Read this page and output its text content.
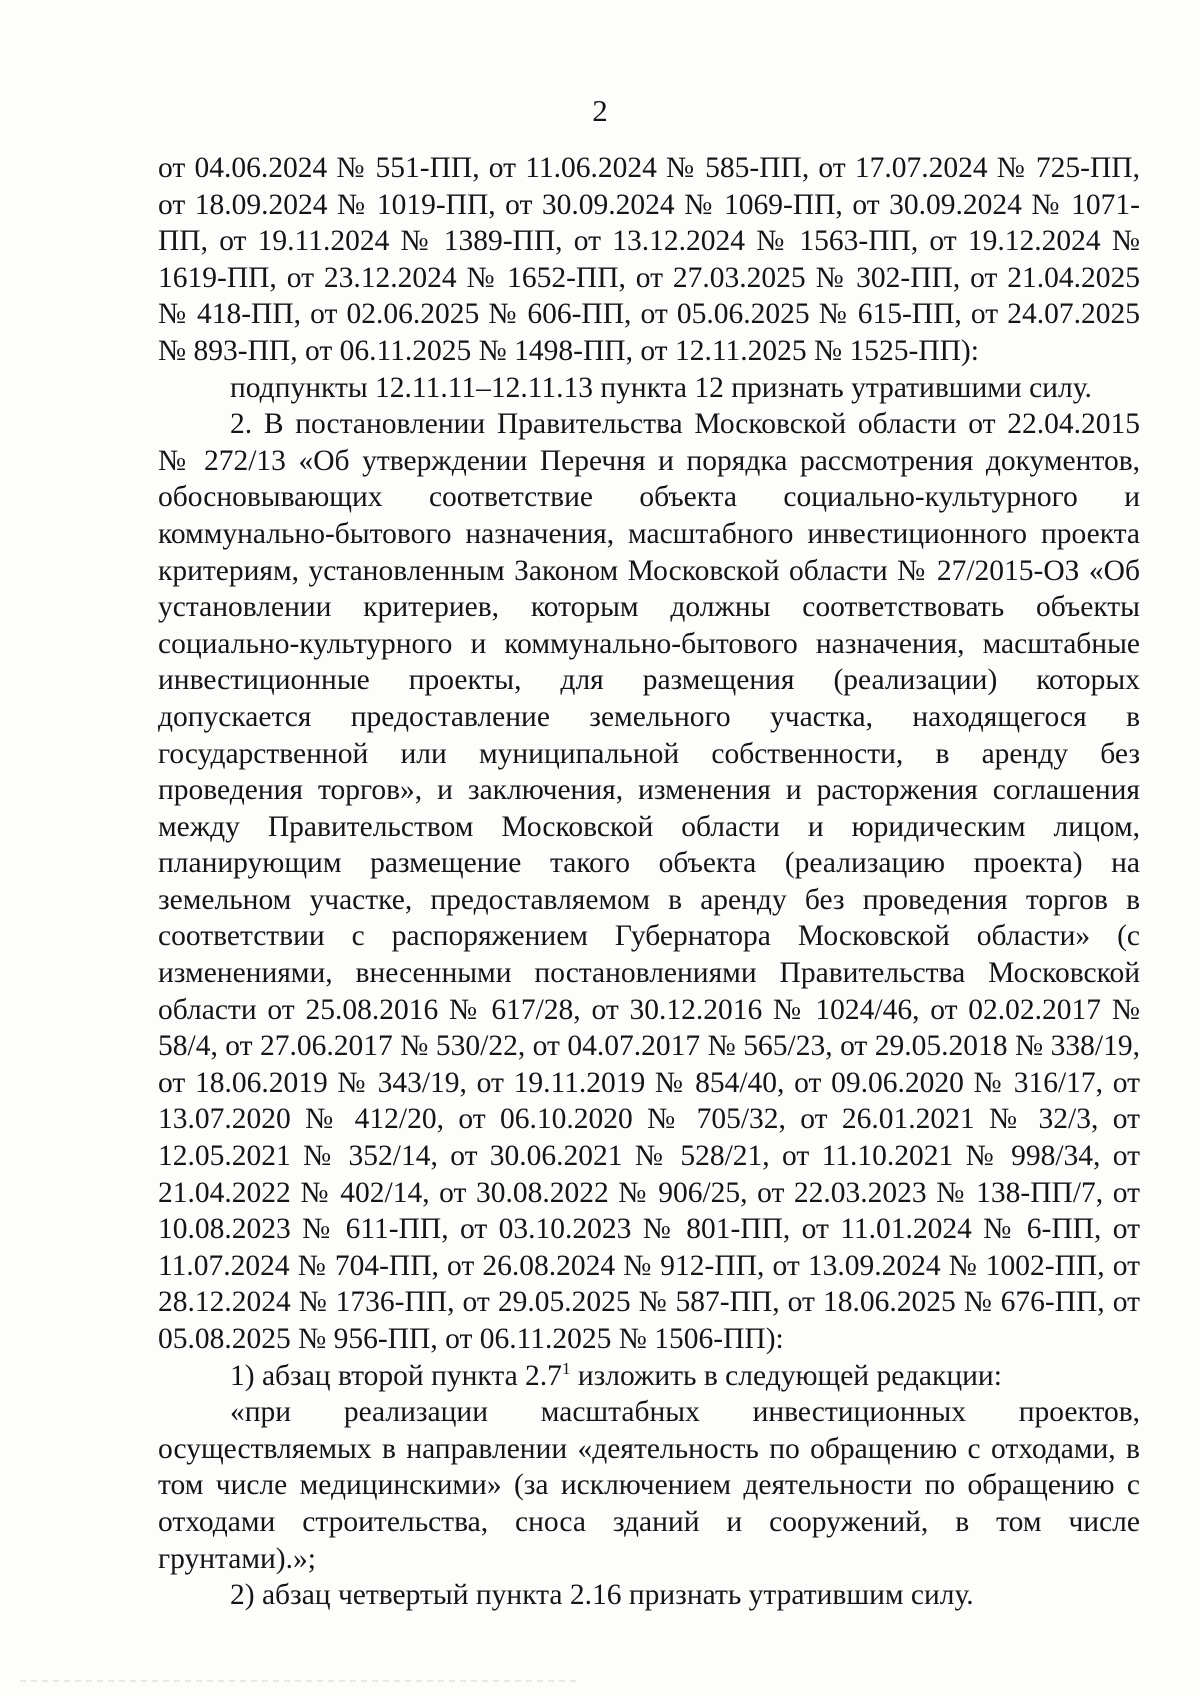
2

от 04.06.2024 № 551-ПП, от 11.06.2024 № 585-ПП, от 17.07.2024 № 725-ПП, от 18.09.2024 № 1019-ПП, от 30.09.2024 № 1069-ПП, от 30.09.2024 № 1071-ПП, от 19.11.2024 № 1389-ПП, от 13.12.2024 № 1563-ПП, от 19.12.2024 № 1619-ПП, от 23.12.2024 № 1652-ПП, от 27.03.2025 № 302-ПП, от 21.04.2025 № 418-ПП, от 02.06.2025 № 606-ПП, от 05.06.2025 № 615-ПП, от 24.07.2025 № 893-ПП, от 06.11.2025 № 1498-ПП, от 12.11.2025 № 1525-ПП):

подпункты 12.11.11–12.11.13 пункта 12 признать утратившими силу.

2. В постановлении Правительства Московской области от 22.04.2015 № 272/13 «Об утверждении Перечня и порядка рассмотрения документов, обосновывающих соответствие объекта социально-культурного и коммунально-бытового назначения, масштабного инвестиционного проекта критериям, установленным Законом Московской области № 27/2015-ОЗ «Об установлении критериев, которым должны соответствовать объекты социально-культурного и коммунально-бытового назначения, масштабные инвестиционные проекты, для размещения (реализации) которых допускается предоставление земельного участка, находящегося в государственной или муниципальной собственности, в аренду без проведения торгов», и заключения, изменения и расторжения соглашения между Правительством Московской области и юридическим лицом, планирующим размещение такого объекта (реализацию проекта) на земельном участке, предоставляемом в аренду без проведения торгов в соответствии с распоряжением Губернатора Московской области» (с изменениями, внесенными постановлениями Правительства Московской области от 25.08.2016 № 617/28, от 30.12.2016 № 1024/46, от 02.02.2017 № 58/4, от 27.06.2017 № 530/22, от 04.07.2017 № 565/23, от 29.05.2018 № 338/19, от 18.06.2019 № 343/19, от 19.11.2019 № 854/40, от 09.06.2020 № 316/17, от 13.07.2020 № 412/20, от 06.10.2020 № 705/32, от 26.01.2021 № 32/3, от 12.05.2021 № 352/14, от 30.06.2021 № 528/21, от 11.10.2021 № 998/34, от 21.04.2022 № 402/14, от 30.08.2022 № 906/25, от 22.03.2023 № 138-ПП/7, от 10.08.2023 № 611-ПП, от 03.10.2023 № 801-ПП, от 11.01.2024 № 6-ПП, от 11.07.2024 № 704-ПП, от 26.08.2024 № 912-ПП, от 13.09.2024 № 1002-ПП, от 28.12.2024 № 1736-ПП, от 29.05.2025 № 587-ПП, от 18.06.2025 № 676-ПП, от 05.08.2025 № 956-ПП, от 06.11.2025 № 1506-ПП):

1) абзац второй пункта $2.7^1$ изложить в следующей редакции:

«при реализации масштабных инвестиционных проектов, осуществляемых в направлении «деятельность по обращению с отходами, в том числе медицинскими» (за исключением деятельности по обращению с отходами строительства, сноса зданий и сооружений, в том числе грунтами).»;

2) абзац четвертый пункта 2.16 признать утратившим силу.
